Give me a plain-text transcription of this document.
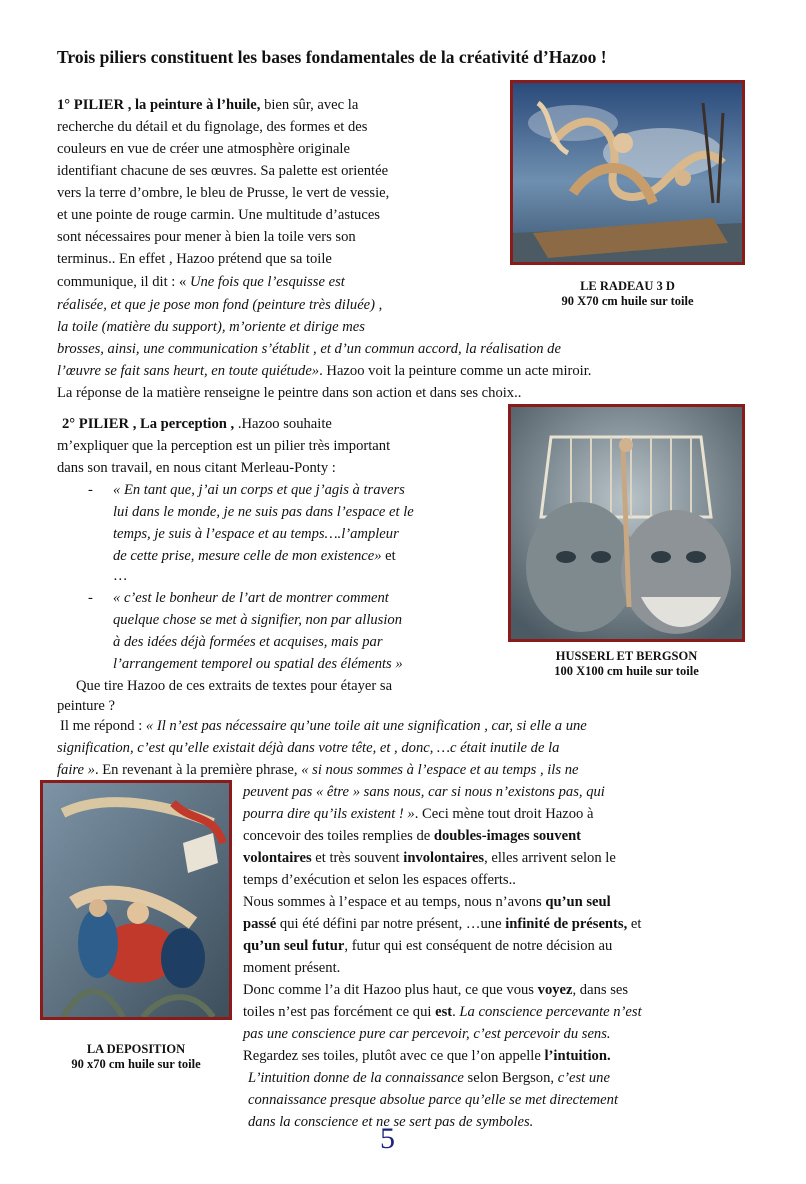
Trois piliers constituent les bases fondamentales de la créativité d’Hazoo !
1° PILIER , la peinture à l’huile, bien sûr, avec la
recherche du détail et du fignolage, des formes et des
couleurs en vue de créer une atmosphère originale
identifiant chacune de ses œuvres. Sa palette est orientée
vers la terre d’ombre, le bleu de Prusse, le vert de vessie,
et une pointe de rouge carmin. Une multitude d’astuces
sont nécessaires pour mener à bien la toile vers son
terminus.. En effet , Hazoo prétend que sa toile
communique, il dit : « Une fois que l’esquisse est
réalisée, et que je pose mon fond (peinture très diluée) ,
la toile (matière du support), m’oriente et dirige mes
brosses, ainsi, une communication s’établit , et d’un commun accord, la réalisation de
l’œuvre se fait sans heurt, en toute quiétude». Hazoo voit la peinture comme un acte miroir.
La réponse de la matière renseigne le peintre dans son action et dans ses choix..
LE RADEAU 3 D
90 X70 cm huile sur toile
2° PILIER , La perception , .Hazoo souhaite
m’expliquer que la perception est un pilier très important
dans son travail, en nous citant Merleau-Ponty :
- « En tant que, j’ai un corps et que j’agis à travers
lui dans le monde, je ne suis pas dans l’espace et le
temps, je suis à l’espace et au temps….l’ampleur
de cette prise, mesure celle de mon existence» et
…
- « c’est le bonheur de l’art de montrer comment
quelque chose se met à signifier, non par allusion
à des idées déjà formées et acquises, mais par
l’arrangement temporel ou spatial des éléments »
Que tire Hazoo de ces extraits de textes pour étayer sa
peinture ?
Il me répond : « Il n’est pas nécessaire qu’une toile ait une signification , car, si elle a une
signification, c’est qu’elle existait déjà dans votre tête, et , donc, …c était inutile de la
faire ». En revenant à la première phrase, « si nous sommes à l’espace et au temps , ils ne
HUSSERL ET BERGSON
100 X100 cm huile sur toile
LA DEPOSITION
90 x70 cm huile sur toile
peuvent pas « être » sans nous, car si nous n’existons pas, qui
pourra dire qu’ils existent ! ». Ceci mène tout droit Hazoo à
concevoir des toiles remplies de doubles-images souvent
volontaires et très souvent involontaires, elles arrivent selon le
temps d’exécution et selon les espaces offerts..
Nous sommes à l’espace et au temps, nous n’avons qu’un seul
passé qui été défini par notre présent, …une infinité de présents, et
qu’un seul futur, futur qui est conséquent de notre décision au
moment présent.
Donc comme l’a dit Hazoo plus haut, ce que vous voyez, dans ses
toiles n’est pas forcément ce qui est. La conscience percevante n’est
pas une conscience pure car percevoir, c’est percevoir du sens.
Regardez ses toiles, plutôt avec ce que l’on appelle l’intuition.
L’intuition donne de la connaissance selon Bergson, c’est une
connaissance presque absolue parce qu’elle se met directement
dans la conscience et ne se sert pas de symboles.
5
